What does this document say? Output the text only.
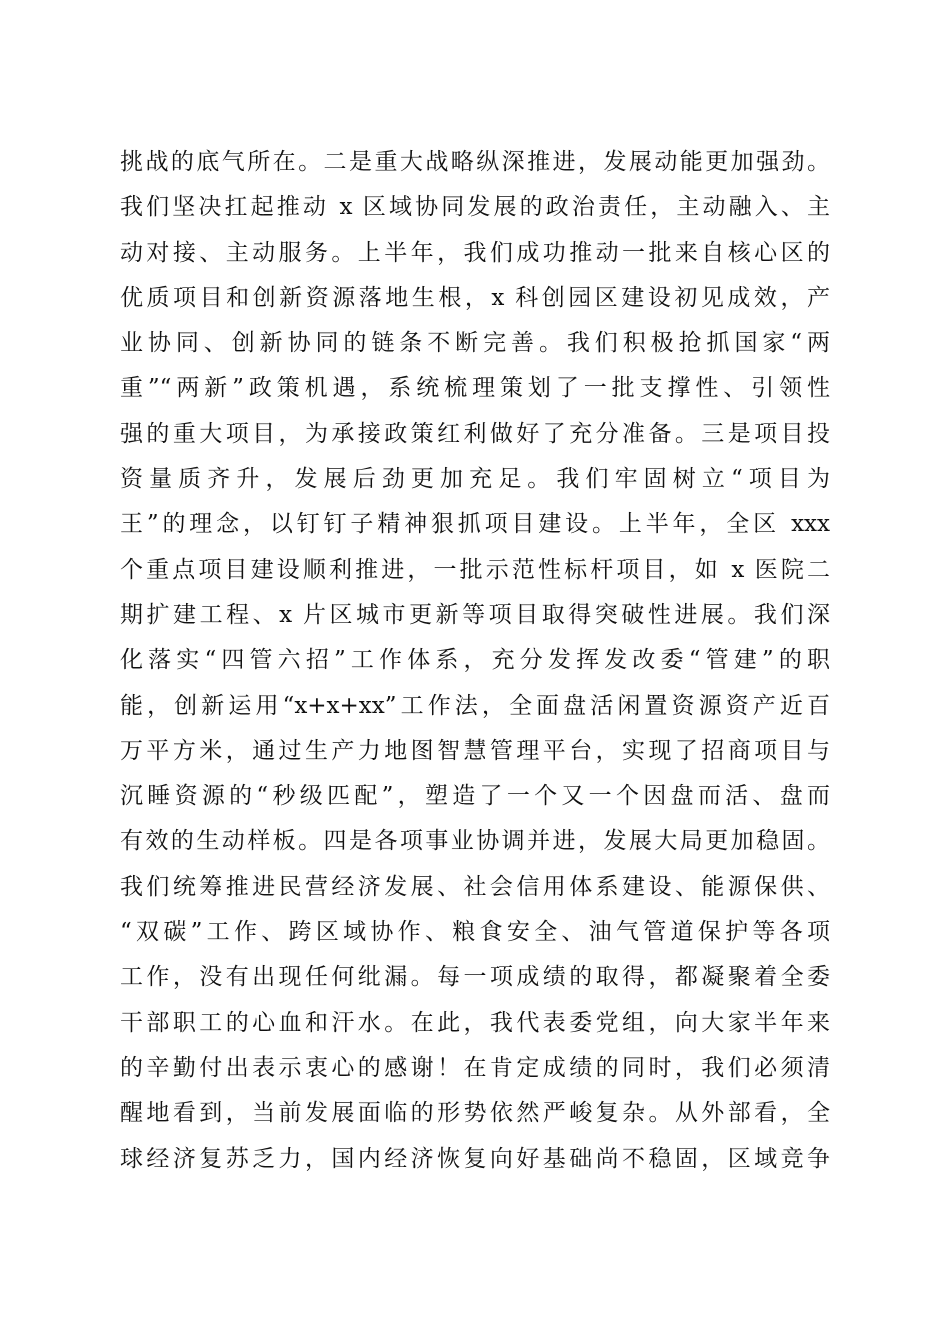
挑战的底气所在。二是重大战略纵深推进，发展动能更加强劲。
我们坚决扛起推动 x 区域协同发展的政治责任，主动融入、主
动对接、主动服务。上半年，我们成功推动一批来自核心区的
优质项目和创新资源落地生根，x 科创园区建设初见成效，产
业协同、创新协同的链条不断完善。我们积极抢抓国家“两
重”“两新”政策机遇，系统梳理策划了一批支撑性、引领性
强的重大项目，为承接政策红利做好了充分准备。三是项目投
资量质齐升，发展后劲更加充足。我们牢固树立“项目为
王”的理念，以钉钉子精神狠抓项目建设。上半年，全区 xxx
个重点项目建设顺利推进，一批示范性标杆项目，如 x 医院二
期扩建工程、x 片区城市更新等项目取得突破性进展。我们深
化落实“四管六招”工作体系，充分发挥发改委“管建”的职
能，创新运用“x+x+xx”工作法，全面盘活闲置资源资产近百
万平方米，通过生产力地图智慧管理平台，实现了招商项目与
沉睡资源的“秒级匹配”，塑造了一个又一个因盘而活、盘而
有效的生动样板。四是各项事业协调并进，发展大局更加稳固。
我们统筹推进民营经济发展、社会信用体系建设、能源保供、
“双碳”工作、跨区域协作、粮食安全、油气管道保护等各项
工作，没有出现任何纰漏。每一项成绩的取得，都凝聚着全委
干部职工的心血和汗水。在此，我代表委党组，向大家半年来
的辛勤付出表示衷心的感谢！在肯定成绩的同时，我们必须清
醒地看到，当前发展面临的形势依然严峻复杂。从外部看，全
球经济复苏乏力，国内经济恢复向好基础尚不稳固，区域竞争
